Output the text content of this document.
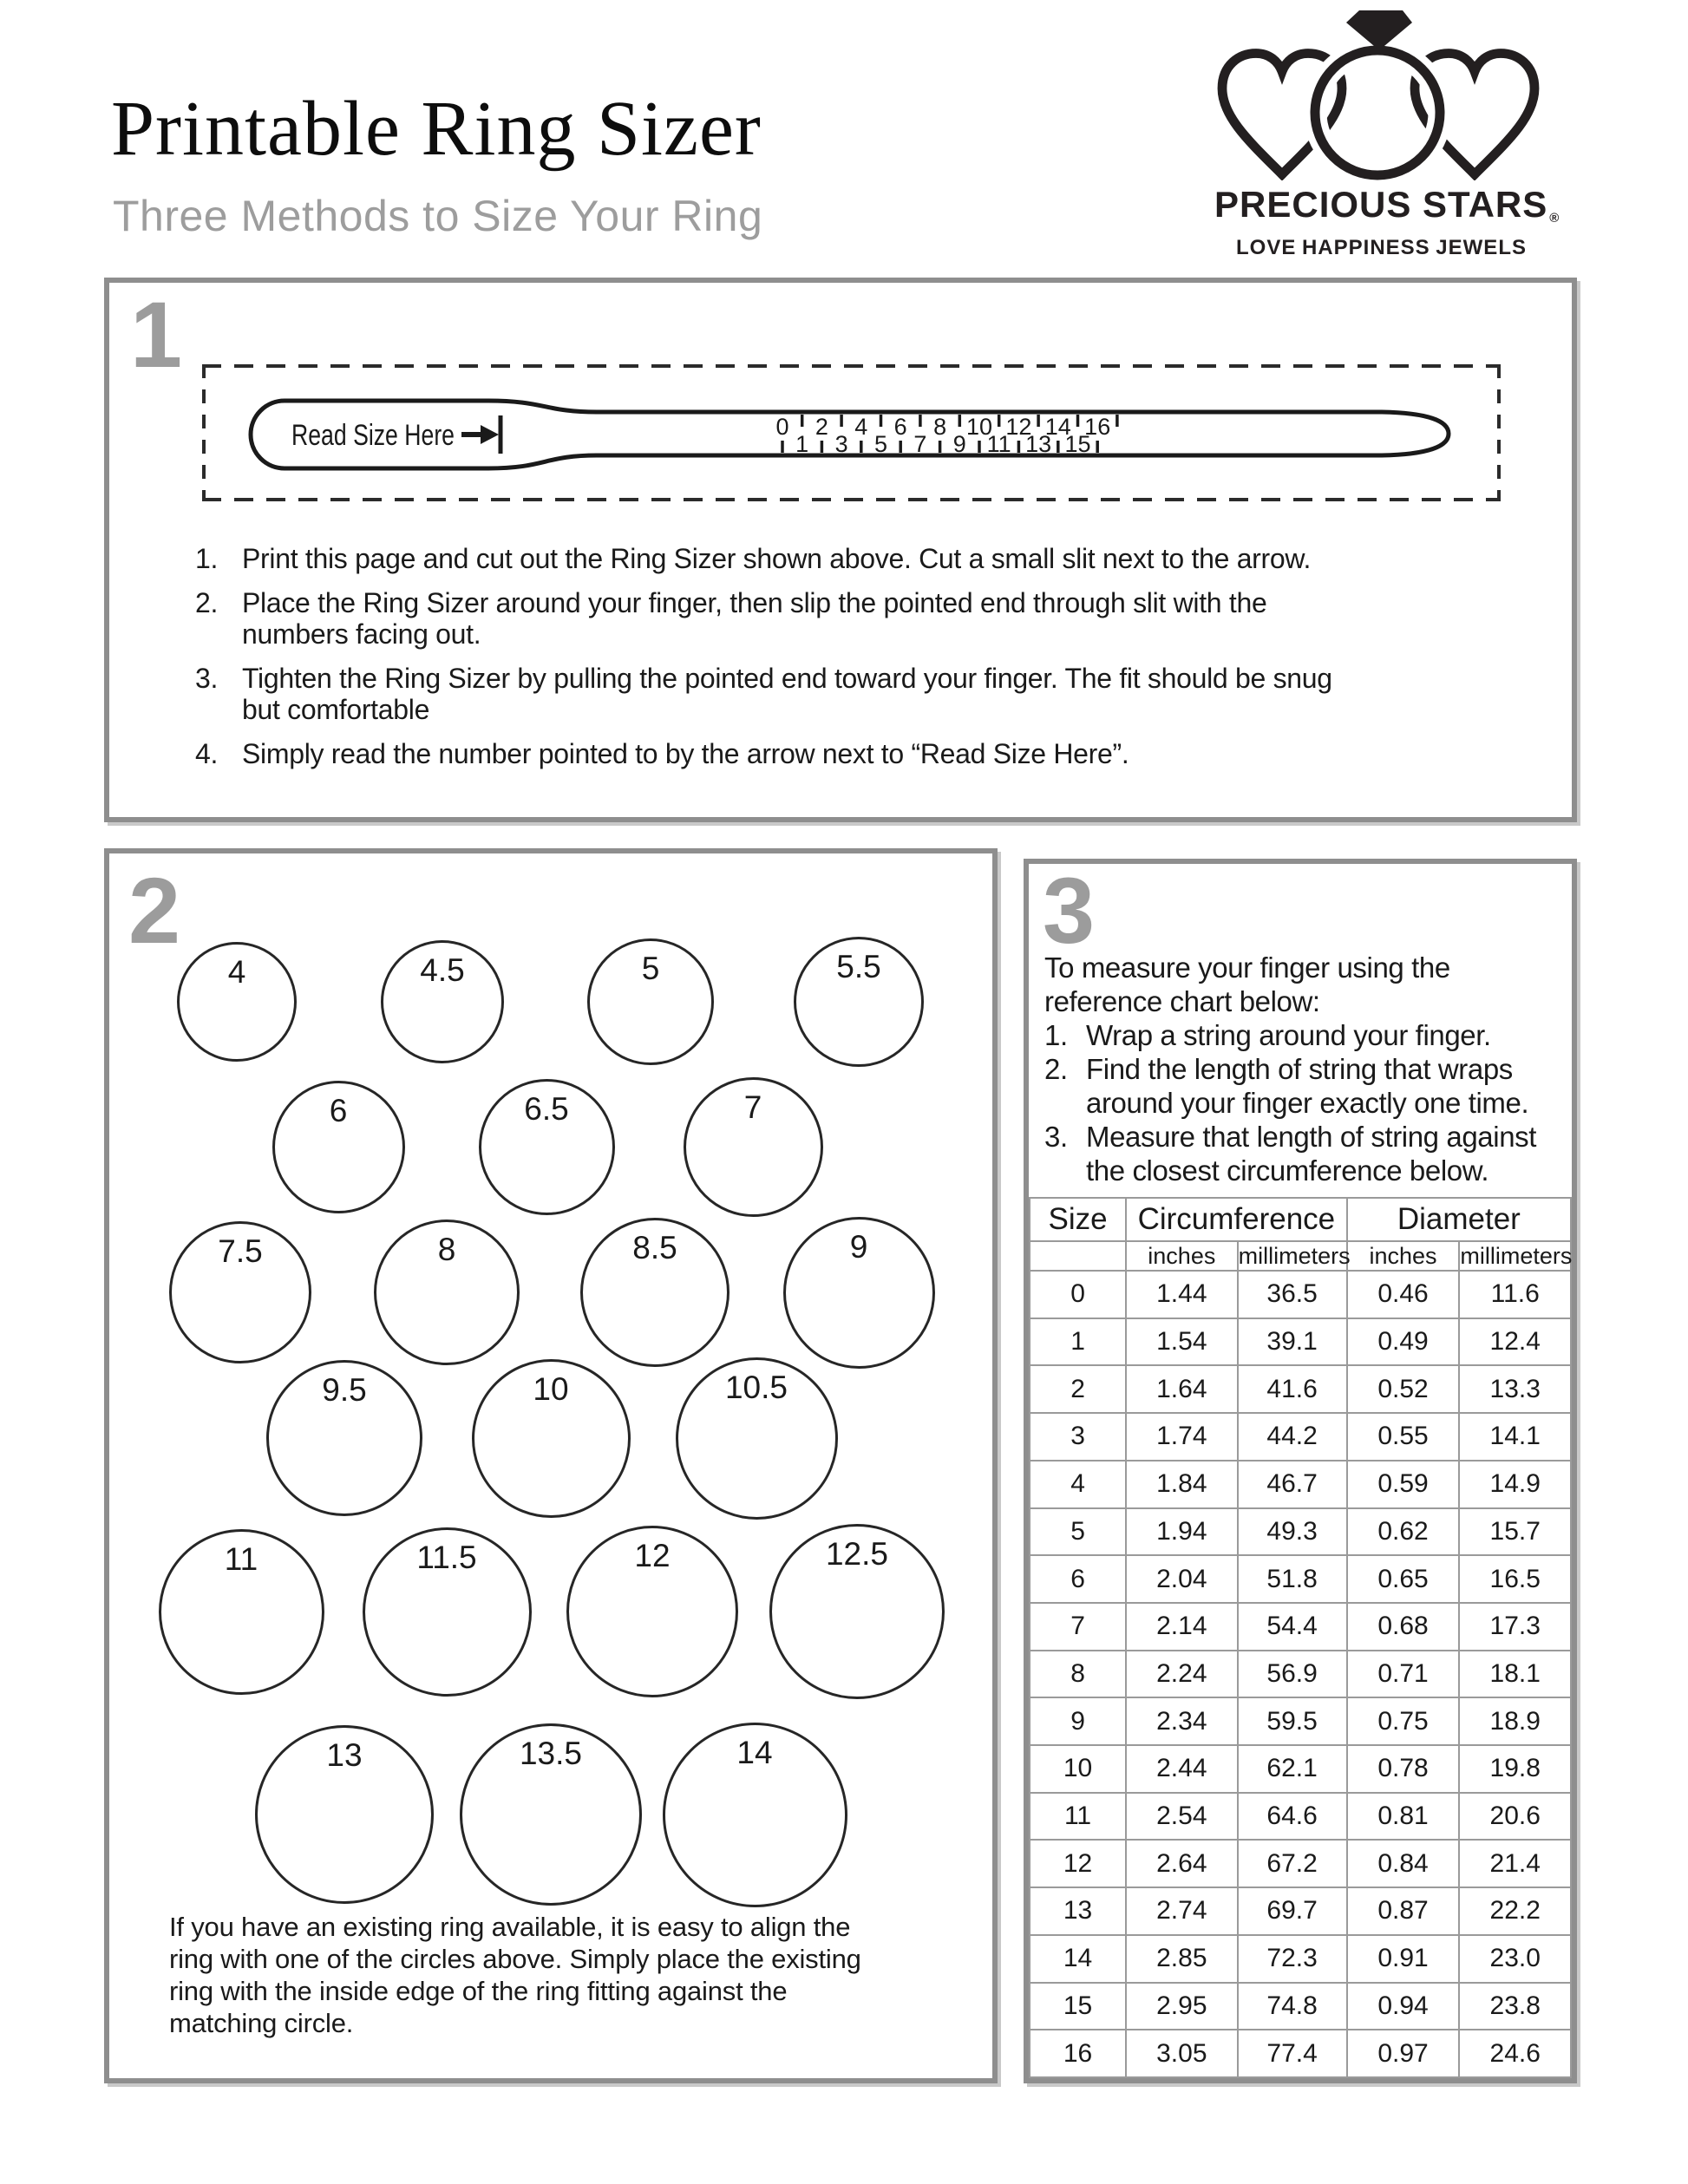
Printable Ring Sizer
Three Methods to Size Your Ring	PRECIOUS STARS ®
LOVE HAPPINESS JEWELS
1
2	3
Read Size Here	0
1
2
3
4
5
6
7
8
9
10
11
12
13
14
15
16
1. Print this page and cut out the Ring Sizer shown above. Cut a small slit next to the arrow.
2. Place the Ring Sizer around your finger, then slip the pointed end through slit with the
numbers facing out.
3. Tighten the Ring Sizer by pulling the pointed end toward your finger. The fit should be snug
but comfortable
4. Simply read the number pointed to by the arrow next to “Read Size Here”.
4	4.5	5	5.5
6	6.5	7
7.5	8	8.5	9
9.5	10	10.5
11	11.5	12	12.5
13	13.5	14
If you have an existing ring available, it is easy to align the
ring with one of the circles above. Simply place the existing
ring with the inside edge of the ring fitting against the
matching circle.
To measure your finger using the
reference chart below:
1. Wrap a string around your finger.
2. Find the length of string that wraps
around your finger exactly one time.
3. Measure that length of string against
the closest circumference below.
Size	Circumference		Diameter	
	inches	millimeters	inches	millimeters
0	1.44	36.5	0.46	11.6
1	1.54	39.1	0.49	12.4
2	1.64	41.6	0.52	13.3
3	1.74	44.2	0.55	14.1
4	1.84	46.7	0.59	14.9
5	1.94	49.3	0.62	15.7
6	2.04	51.8	0.65	16.5
7	2.14	54.4	0.68	17.3
8	2.24	56.9	0.71	18.1
9	2.34	59.5	0.75	18.9
10	2.44	62.1	0.78	19.8
11	2.54	64.6	0.81	20.6
12	2.64	67.2	0.84	21.4
13	2.74	69.7	0.87	22.2
14	2.85	72.3	0.91	23.0
15	2.95	74.8	0.94	23.8
16	3.05	77.4	0.97	24.6
